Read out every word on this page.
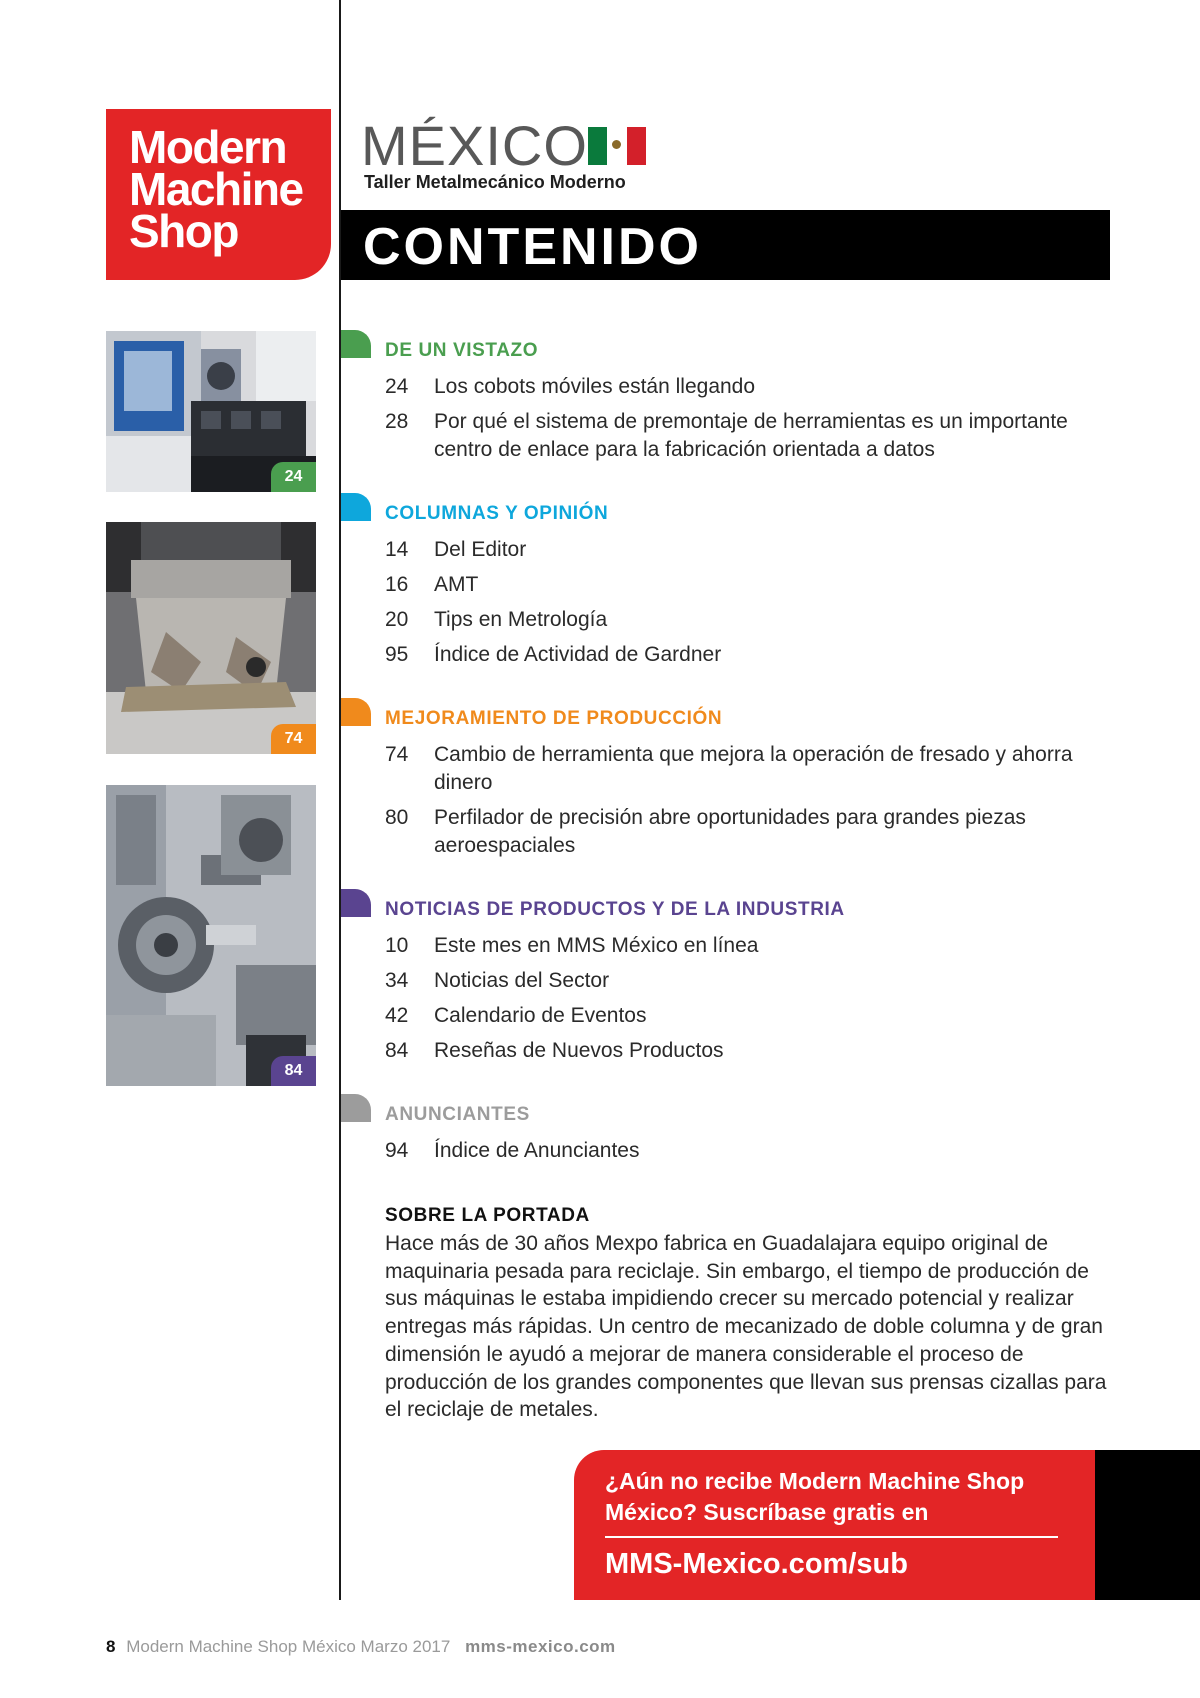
Modern
Machine
Shop
MÉXICO
Taller Metalmecánico Moderno
CONTENIDO
24
74
84
DE UN VISTAZO
24	Los cobots móviles están llegando
28	Por qué el sistema de premontaje de herramientas es un importante centro de enlace para la fabricación orientada a datos
COLUMNAS Y OPINIÓN
14	Del Editor
16	AMT
20	Tips en Metrología
95	Índice de Actividad de Gardner
MEJORAMIENTO DE PRODUCCIÓN
74	Cambio de herramienta que mejora la operación de fresado y ahorra dinero
80	Perfilador de precisión abre oportunidades para grandes piezas aeroespaciales
NOTICIAS DE PRODUCTOS Y DE LA INDUSTRIA
10	Este mes en MMS México en línea
34	Noticias del Sector
42	Calendario de Eventos
84	Reseñas de Nuevos Productos
ANUNCIANTES
94	Índice de Anunciantes
SOBRE LA PORTADA
Hace más de 30 años Mexpo fabrica en Guadalajara equipo original de maquinaria pesada para reciclaje. Sin embargo, el tiempo de producción de sus máquinas le estaba impidiendo crecer su mercado potencial y realizar entregas más rápidas. Un centro de mecanizado de doble columna y de gran dimensión le ayudó a mejorar de manera considerable el proceso de producción de los grandes componentes que llevan sus prensas cizallas para el reciclaje de metales.
¿Aún no recibe Modern Machine Shop México? Suscríbase gratis en
MMS-Mexico.com/sub
8 Modern Machine Shop México Marzo 2017 mms-mexico.com
